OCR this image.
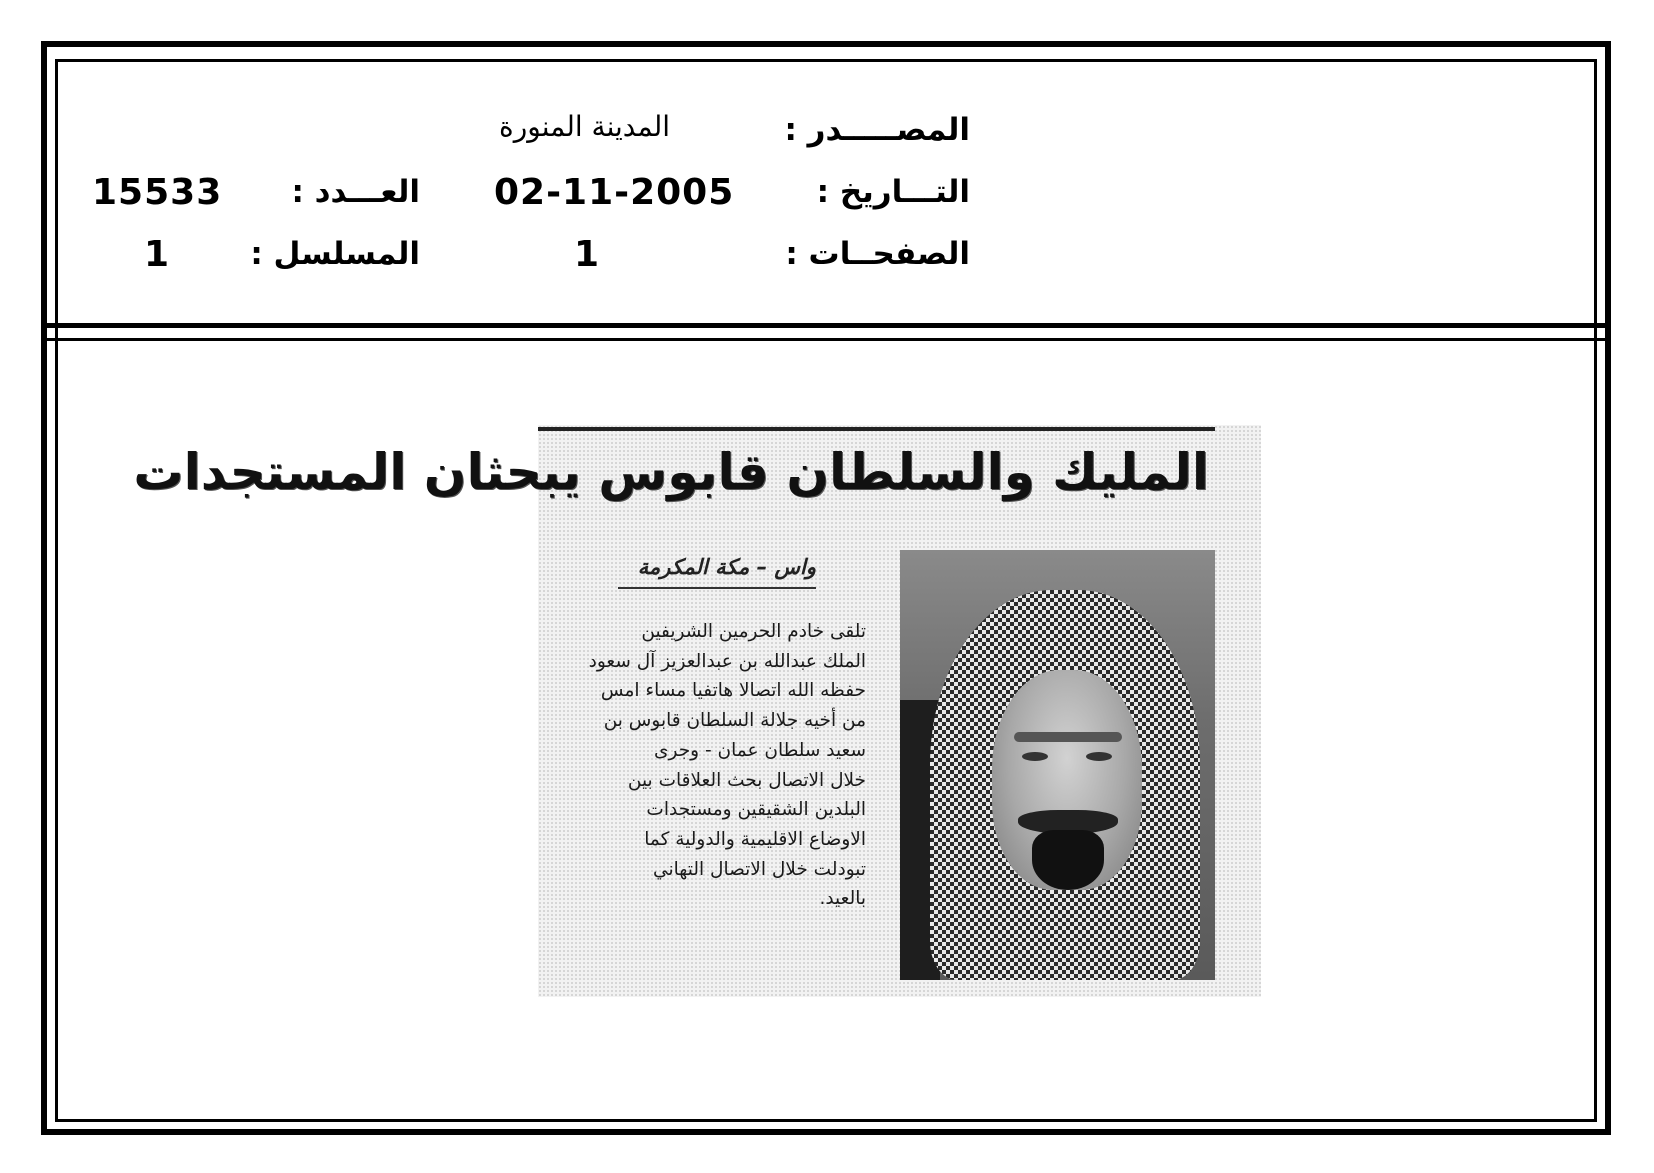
المصـــــدر :
المدينة المنورة
التـــاريخ :
02-11-2005
العـــدد :
15533
الصفحــات :
1
المسلسل :
1
المليك والسلطان قابوس يبحثان المستجدات
واس – مكة المكرمة
تلقى خادم الحرمين الشريفين
الملك عبدالله بن عبدالعزيز آل سعود
حفظه الله اتصالا هاتفيا مساء امس
من أخيه جلالة السلطان قابوس بن
سعيد سلطان عمان - وجرى
خلال الاتصال بحث العلاقات بين
البلدين الشقيقين ومستجدات
الاوضاع الاقليمية والدولية كما
تبودلت خلال الاتصال التهاني
بالعيد.
